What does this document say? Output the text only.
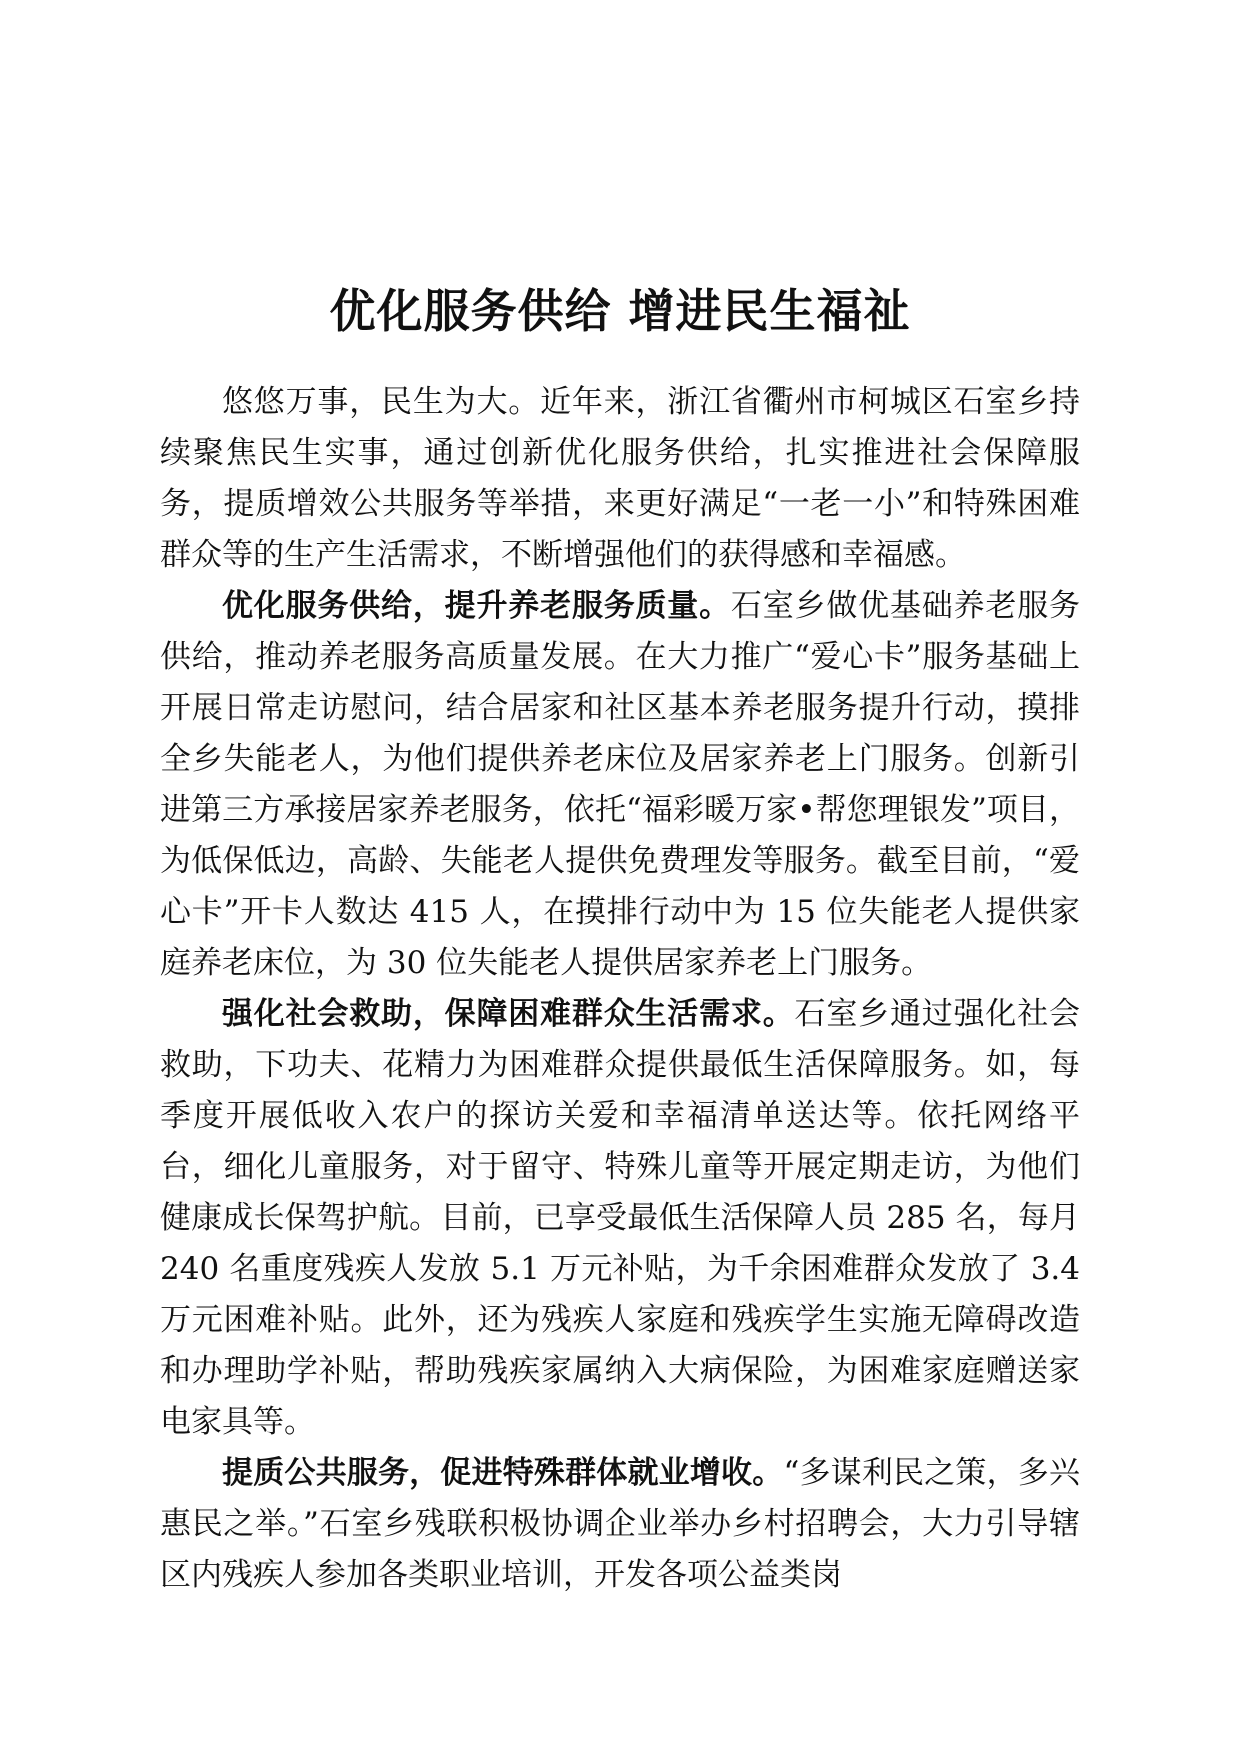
优化服务供给 增进民生福祉

悠悠万事，民生为大。近年来，浙江省衢州市柯城区石室乡持续聚焦民生实事，通过创新优化服务供给，扎实推进社会保障服务，提质增效公共服务等举措，来更好满足“一老一小”和特殊困难群众等的生产生活需求，不断增强他们的获得感和幸福感。

优化服务供给，提升养老服务质量。石室乡做优基础养老服务供给，推动养老服务高质量发展。在大力推广“爱心卡”服务基础上开展日常走访慰问，结合居家和社区基本养老服务提升行动，摸排全乡失能老人，为他们提供养老床位及居家养老上门服务。创新引进第三方承接居家养老服务，依托“福彩暖万家•帮您理银发”项目，为低保低边，高龄、失能老人提供免费理发等服务。截至目前，“爱心卡”开卡人数达 415 人，在摸排行动中为 15 位失能老人提供家庭养老床位，为 30 位失能老人提供居家养老上门服务。

强化社会救助，保障困难群众生活需求。石室乡通过强化社会救助，下功夫、花精力为困难群众提供最低生活保障服务。如，每季度开展低收入农户的探访关爱和幸福清单送达等。依托网络平台，细化儿童服务，对于留守、特殊儿童等开展定期走访，为他们健康成长保驾护航。目前，已享受最低生活保障人员 285 名，每月 240 名重度残疾人发放 5.1 万元补贴，为千余困难群众发放了 3.4 万元困难补贴。此外，还为残疾人家庭和残疾学生实施无障碍改造和办理助学补贴，帮助残疾家属纳入大病保险，为困难家庭赠送家电家具等。

提质公共服务，促进特殊群体就业增收。“多谋利民之策，多兴惠民之举。”石室乡残联积极协调企业举办乡村招聘会，大力引导辖区内残疾人参加各类职业培训，开发各项公益类岗
